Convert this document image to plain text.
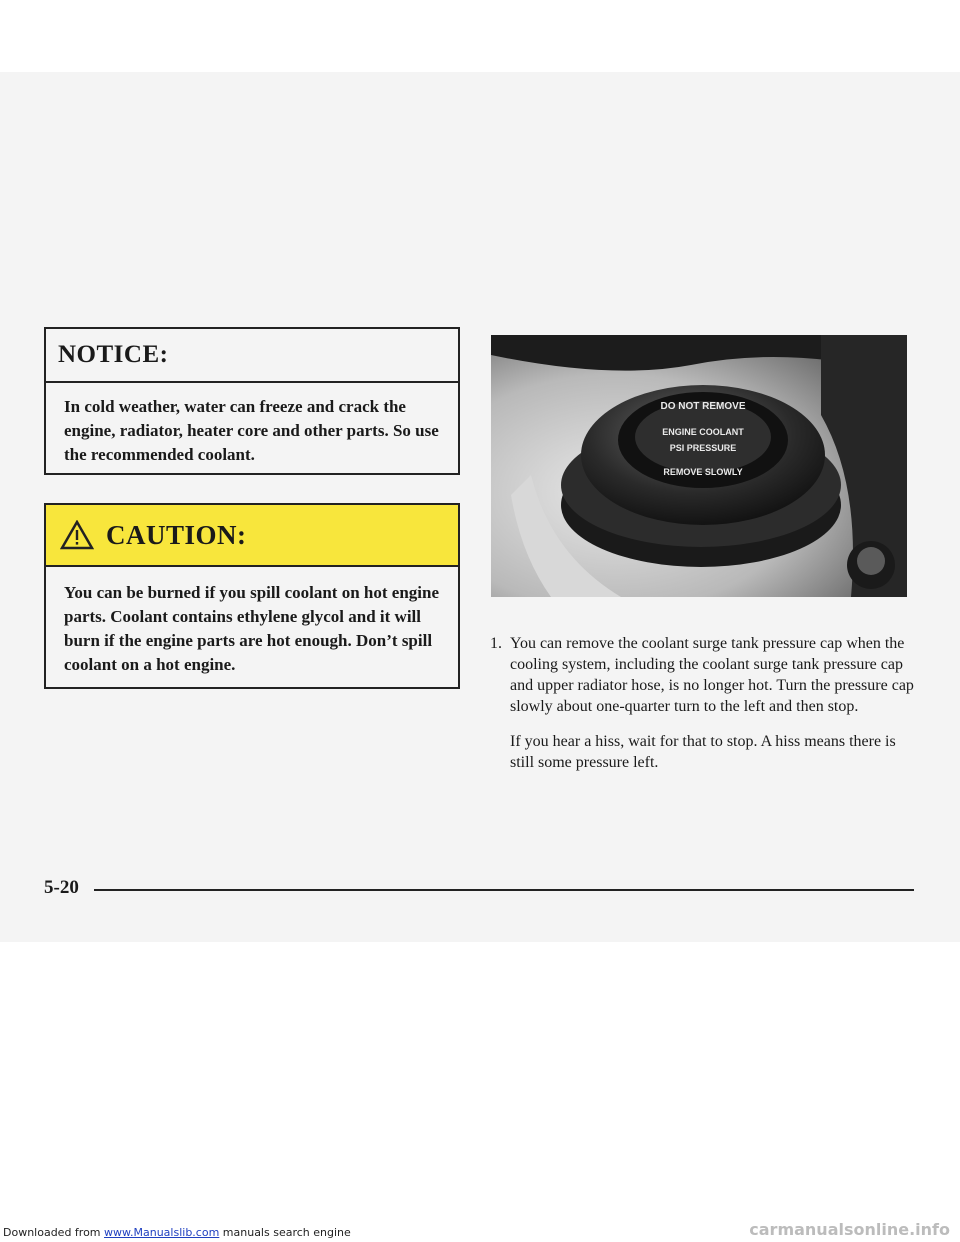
NOTICE:
In cold weather, water can freeze and crack the engine, radiator, heater core and other parts. So use the recommended coolant.
CAUTION:
You can be burned if you spill coolant on hot engine parts. Coolant contains ethylene glycol and it will burn if the engine parts are hot enough. Don’t spill coolant on a hot engine.
DO NOT REMOVE
ENGINE COOLANT
PSI PRESSURE
REMOVE SLOWLY
1. You can remove the coolant surge tank pressure cap when the cooling system, including the coolant surge tank pressure cap and upper radiator hose, is no longer hot. Turn the pressure cap slowly about one-quarter turn to the left and then stop.
If you hear a hiss, wait for that to stop. A hiss means there is still some pressure left.
5-20
Downloaded from www.Manualslib.com manuals search engine	carmanualsonline.info
